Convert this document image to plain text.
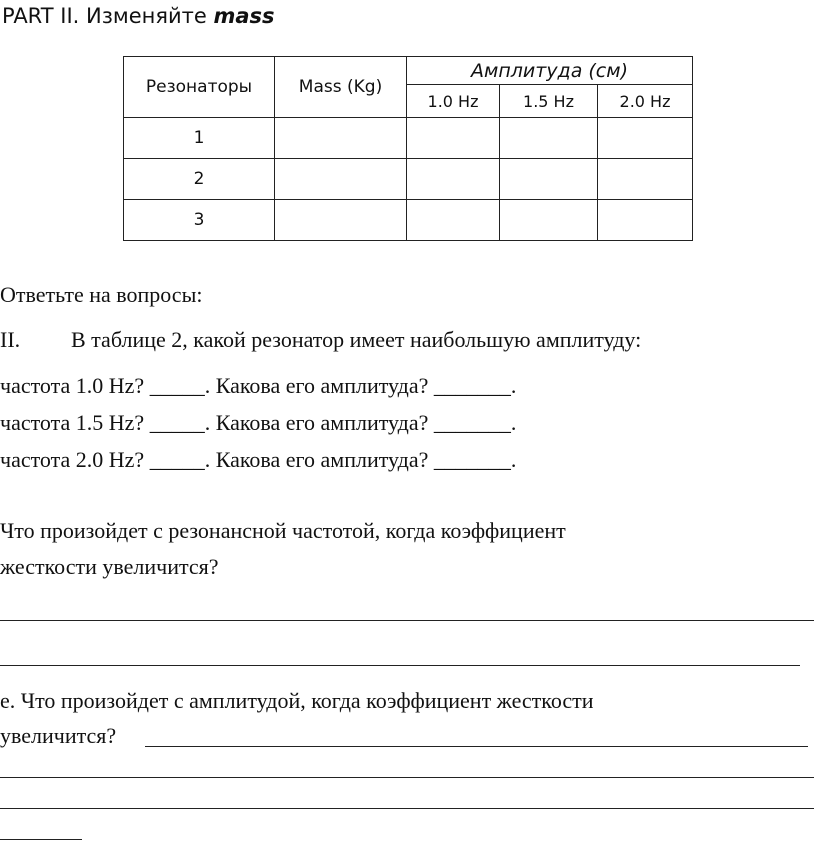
PART II. Изменяйте mass
Резонаторы	Mass (Kg)	Амплитуда (см)		
		1.0 Hz	1.5 Hz	2.0 Hz
1				
2				
3				
Ответьте на вопросы:
II. В таблице 2, какой резонатор имеет наибольшую амплитуду:
частота 1.0 Hz? _____. Какова его амплитуда? _______.
частота 1.5 Hz? _____. Какова его амплитуда? _______.
частота 2.0 Hz? _____. Какова его амплитуда? _______.
Что произойдет с резонансной частотой, когда коэффициент
жесткости увеличится?
е. Что произойдет с амплитудой, когда коэффициент жесткости
увеличится?
